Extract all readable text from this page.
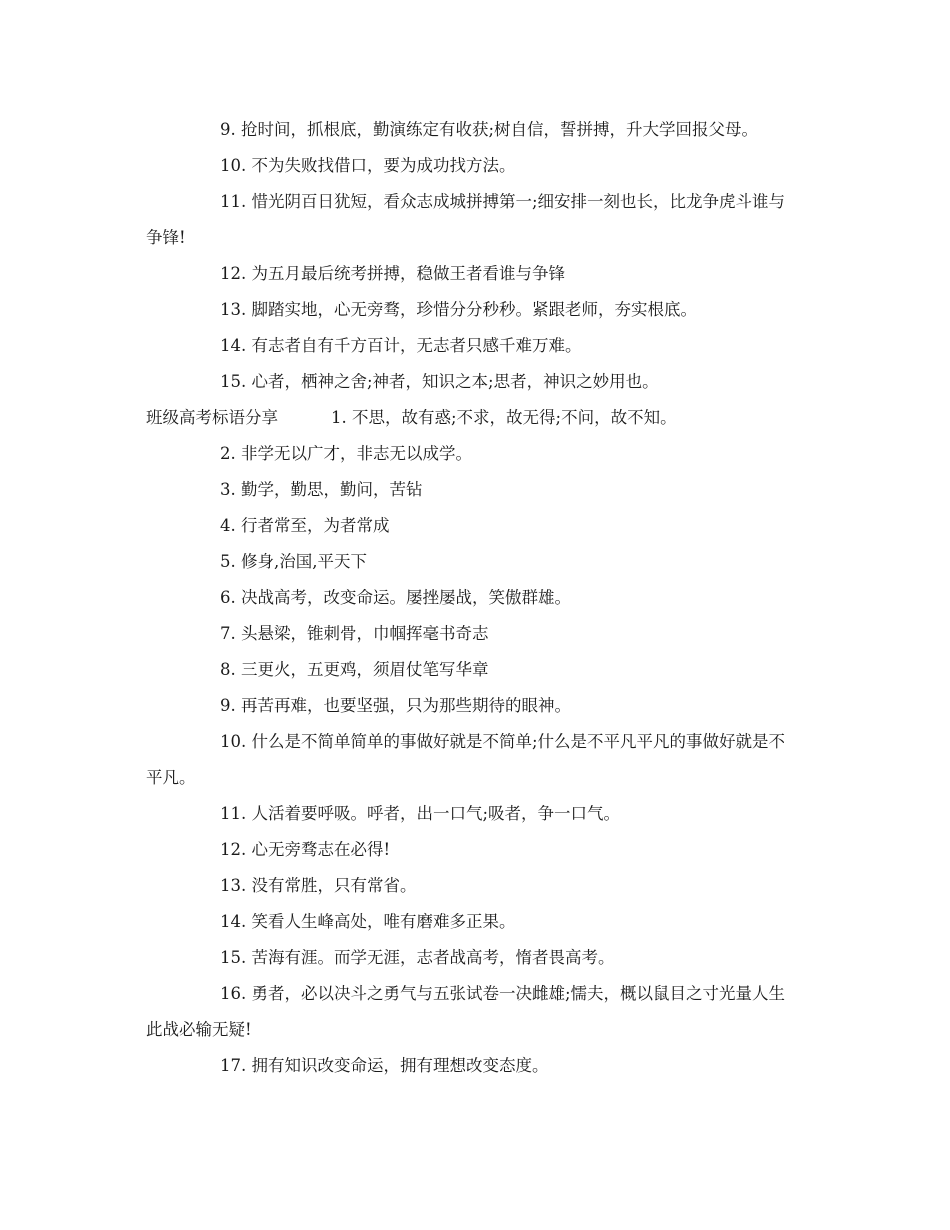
9. 抢时间，抓根底，勤演练定有收获;树自信，誓拼搏，升大学回报父母。

10. 不为失败找借口，要为成功找方法。

11. 惜光阴百日犹短，看众志成城拼搏第一;细安排一刻也长，比龙争虎斗谁与争锋!

12. 为五月最后统考拼搏，稳做王者看谁与争锋

13. 脚踏实地，心无旁骛，珍惜分分秒秒。紧跟老师，夯实根底。

14. 有志者自有千方百计，无志者只感千难万难。

15. 心者，栖神之舍;神者，知识之本;思者，神识之妙用也。

班级高考标语分享	1. 不思，故有惑;不求，故无得;不问，故不知。

2. 非学无以广才，非志无以成学。

3. 勤学，勤思，勤问，苦钻

4. 行者常至，为者常成

5. 修身,治国,平天下

6. 决战高考，改变命运。屡挫屡战，笑傲群雄。

7. 头悬梁，锥刺骨，巾帼挥毫书奇志

8. 三更火，五更鸡，须眉仗笔写华章

9. 再苦再难，也要坚强，只为那些期待的眼神。

10. 什么是不简单简单的事做好就是不简单;什么是不平凡平凡的事做好就是不平凡。

11. 人活着要呼吸。呼者，出一口气;吸者，争一口气。

12. 心无旁骛志在必得!

13. 没有常胜，只有常省。

14. 笑看人生峰高处，唯有磨难多正果。

15. 苦海有涯。而学无涯，志者战高考，惰者畏高考。

16. 勇者，必以决斗之勇气与五张试卷一决雌雄;懦夫，概以鼠目之寸光量人生此战必输无疑!

17. 拥有知识改变命运，拥有理想改变态度。
